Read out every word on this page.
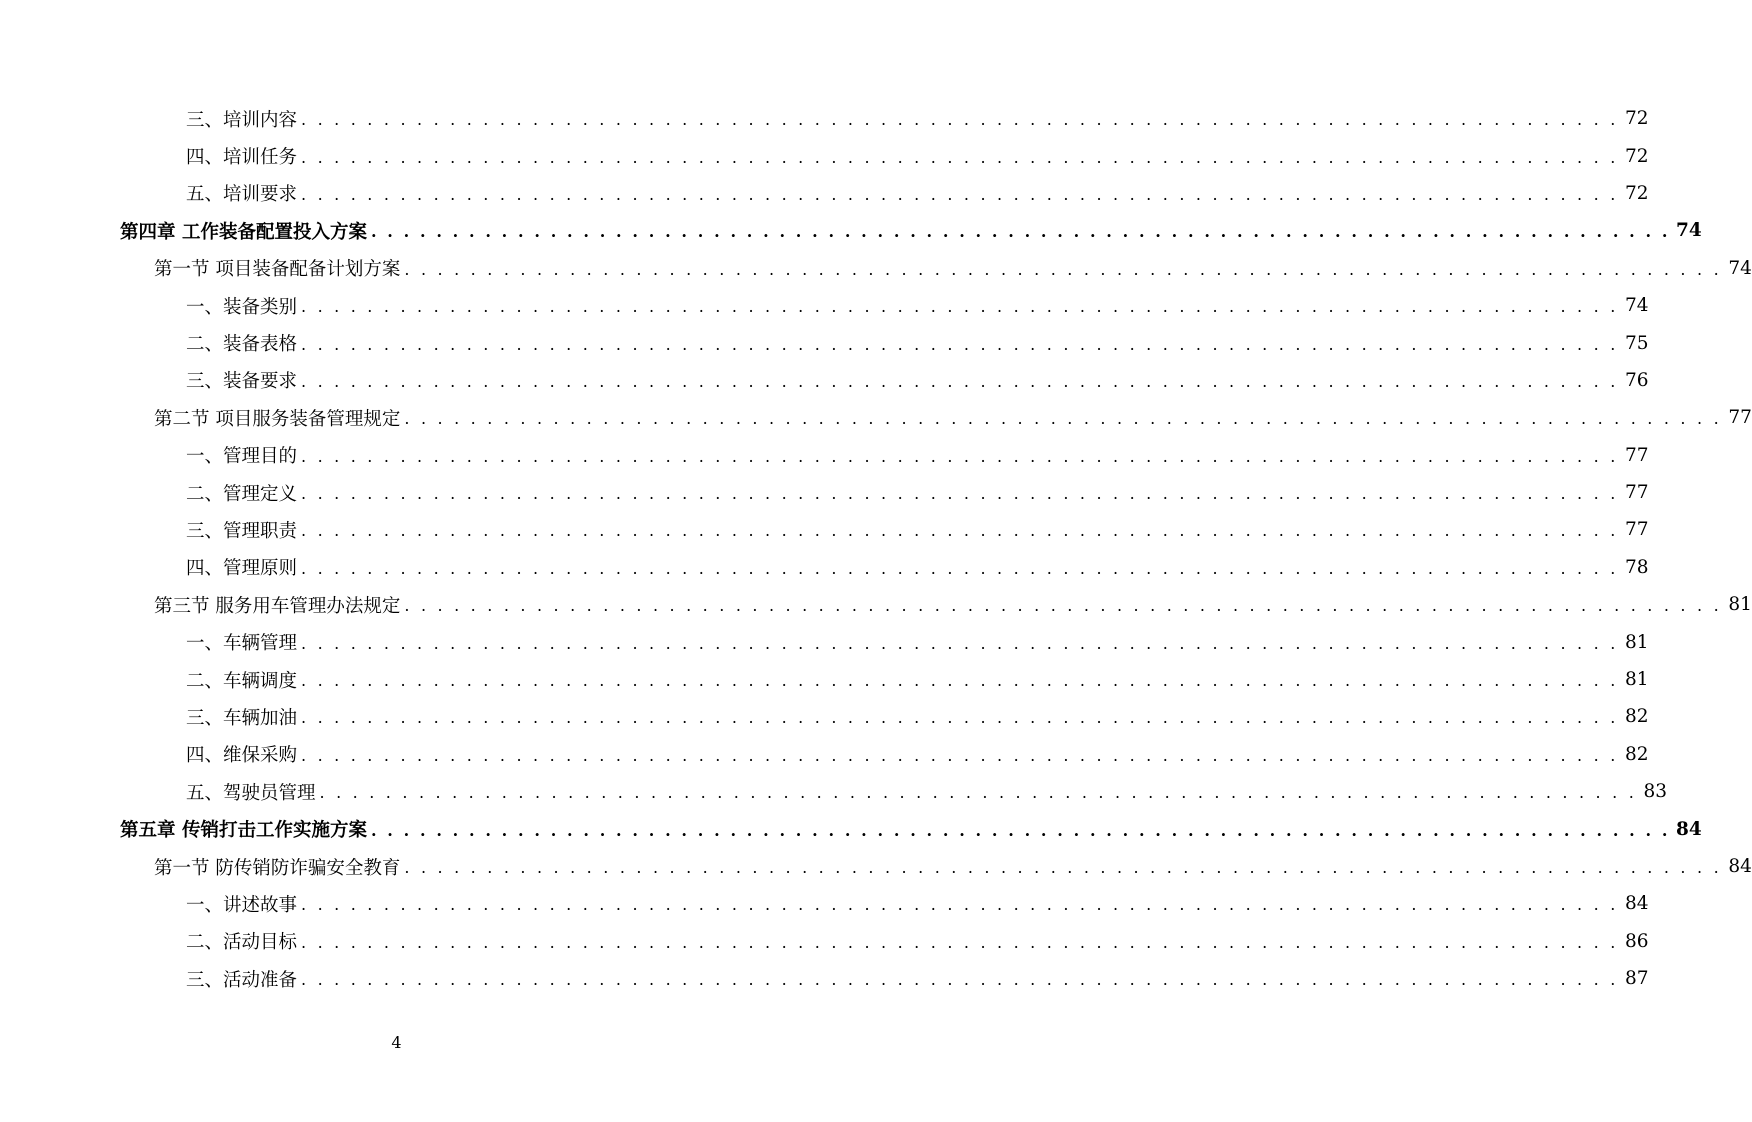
三、培训内容 . . . . . . . . . . . . . . . . . . . . . . . . . . . . . . . . . . . . . . . . . . . . . . . . . . . . . . . . . . . . . . . . . . . . . . . . . . . . . . . . 72
四、培训任务 . . . . . . . . . . . . . . . . . . . . . . . . . . . . . . . . . . . . . . . . . . . . . . . . . . . . . . . . . . . . . . . . . . . . . . . . . . . . . . . . 72
五、培训要求 . . . . . . . . . . . . . . . . . . . . . . . . . . . . . . . . . . . . . . . . . . . . . . . . . . . . . . . . . . . . . . . . . . . . . . . . . . . . . . . . 72
第四章 工作装备配置投入方案 . . . . . . . . . . . . . . . . . . . . . . . . . . . . . . . . . . . . . . . . . . . . . . . . . . . . . . . . . . . . . . . . . . . . . . . . . . . . . . . . 74
第一节 项目装备配备计划方案 . . . . . . . . . . . . . . . . . . . . . . . . . . . . . . . . . . . . . . . . . . . . . . . . . . . . . . . . . . . . . . . . . . . . . . . . . . . . . . . . 74
一、装备类别 . . . . . . . . . . . . . . . . . . . . . . . . . . . . . . . . . . . . . . . . . . . . . . . . . . . . . . . . . . . . . . . . . . . . . . . . . . . . . . . . 74
二、装备表格 . . . . . . . . . . . . . . . . . . . . . . . . . . . . . . . . . . . . . . . . . . . . . . . . . . . . . . . . . . . . . . . . . . . . . . . . . . . . . . . . 75
三、装备要求 . . . . . . . . . . . . . . . . . . . . . . . . . . . . . . . . . . . . . . . . . . . . . . . . . . . . . . . . . . . . . . . . . . . . . . . . . . . . . . . . 76
第二节 项目服务装备管理规定 . . . . . . . . . . . . . . . . . . . . . . . . . . . . . . . . . . . . . . . . . . . . . . . . . . . . . . . . . . . . . . . . . . . . . . . . . . . . . . . . 77
一、管理目的 . . . . . . . . . . . . . . . . . . . . . . . . . . . . . . . . . . . . . . . . . . . . . . . . . . . . . . . . . . . . . . . . . . . . . . . . . . . . . . . . 77
二、管理定义 . . . . . . . . . . . . . . . . . . . . . . . . . . . . . . . . . . . . . . . . . . . . . . . . . . . . . . . . . . . . . . . . . . . . . . . . . . . . . . . . 77
三、管理职责 . . . . . . . . . . . . . . . . . . . . . . . . . . . . . . . . . . . . . . . . . . . . . . . . . . . . . . . . . . . . . . . . . . . . . . . . . . . . . . . . 77
四、管理原则 . . . . . . . . . . . . . . . . . . . . . . . . . . . . . . . . . . . . . . . . . . . . . . . . . . . . . . . . . . . . . . . . . . . . . . . . . . . . . . . . 78
第三节 服务用车管理办法规定 . . . . . . . . . . . . . . . . . . . . . . . . . . . . . . . . . . . . . . . . . . . . . . . . . . . . . . . . . . . . . . . . . . . . . . . . . . . . . . . . 81
一、车辆管理 . . . . . . . . . . . . . . . . . . . . . . . . . . . . . . . . . . . . . . . . . . . . . . . . . . . . . . . . . . . . . . . . . . . . . . . . . . . . . . . . 81
二、车辆调度 . . . . . . . . . . . . . . . . . . . . . . . . . . . . . . . . . . . . . . . . . . . . . . . . . . . . . . . . . . . . . . . . . . . . . . . . . . . . . . . . 81
三、车辆加油 . . . . . . . . . . . . . . . . . . . . . . . . . . . . . . . . . . . . . . . . . . . . . . . . . . . . . . . . . . . . . . . . . . . . . . . . . . . . . . . . 82
四、维保采购 . . . . . . . . . . . . . . . . . . . . . . . . . . . . . . . . . . . . . . . . . . . . . . . . . . . . . . . . . . . . . . . . . . . . . . . . . . . . . . . . 82
五、驾驶员管理 . . . . . . . . . . . . . . . . . . . . . . . . . . . . . . . . . . . . . . . . . . . . . . . . . . . . . . . . . . . . . . . . . . . . . . . . . . . . . . . . 83
第五章 传销打击工作实施方案 . . . . . . . . . . . . . . . . . . . . . . . . . . . . . . . . . . . . . . . . . . . . . . . . . . . . . . . . . . . . . . . . . . . . . . . . . . . . . . . . 84
第一节 防传销防诈骗安全教育 . . . . . . . . . . . . . . . . . . . . . . . . . . . . . . . . . . . . . . . . . . . . . . . . . . . . . . . . . . . . . . . . . . . . . . . . . . . . . . . . 84
一、讲述故事 . . . . . . . . . . . . . . . . . . . . . . . . . . . . . . . . . . . . . . . . . . . . . . . . . . . . . . . . . . . . . . . . . . . . . . . . . . . . . . . . 84
二、活动目标 . . . . . . . . . . . . . . . . . . . . . . . . . . . . . . . . . . . . . . . . . . . . . . . . . . . . . . . . . . . . . . . . . . . . . . . . . . . . . . . . 86
三、活动准备 . . . . . . . . . . . . . . . . . . . . . . . . . . . . . . . . . . . . . . . . . . . . . . . . . . . . . . . . . . . . . . . . . . . . . . . . . . . . . . . . 87
4
